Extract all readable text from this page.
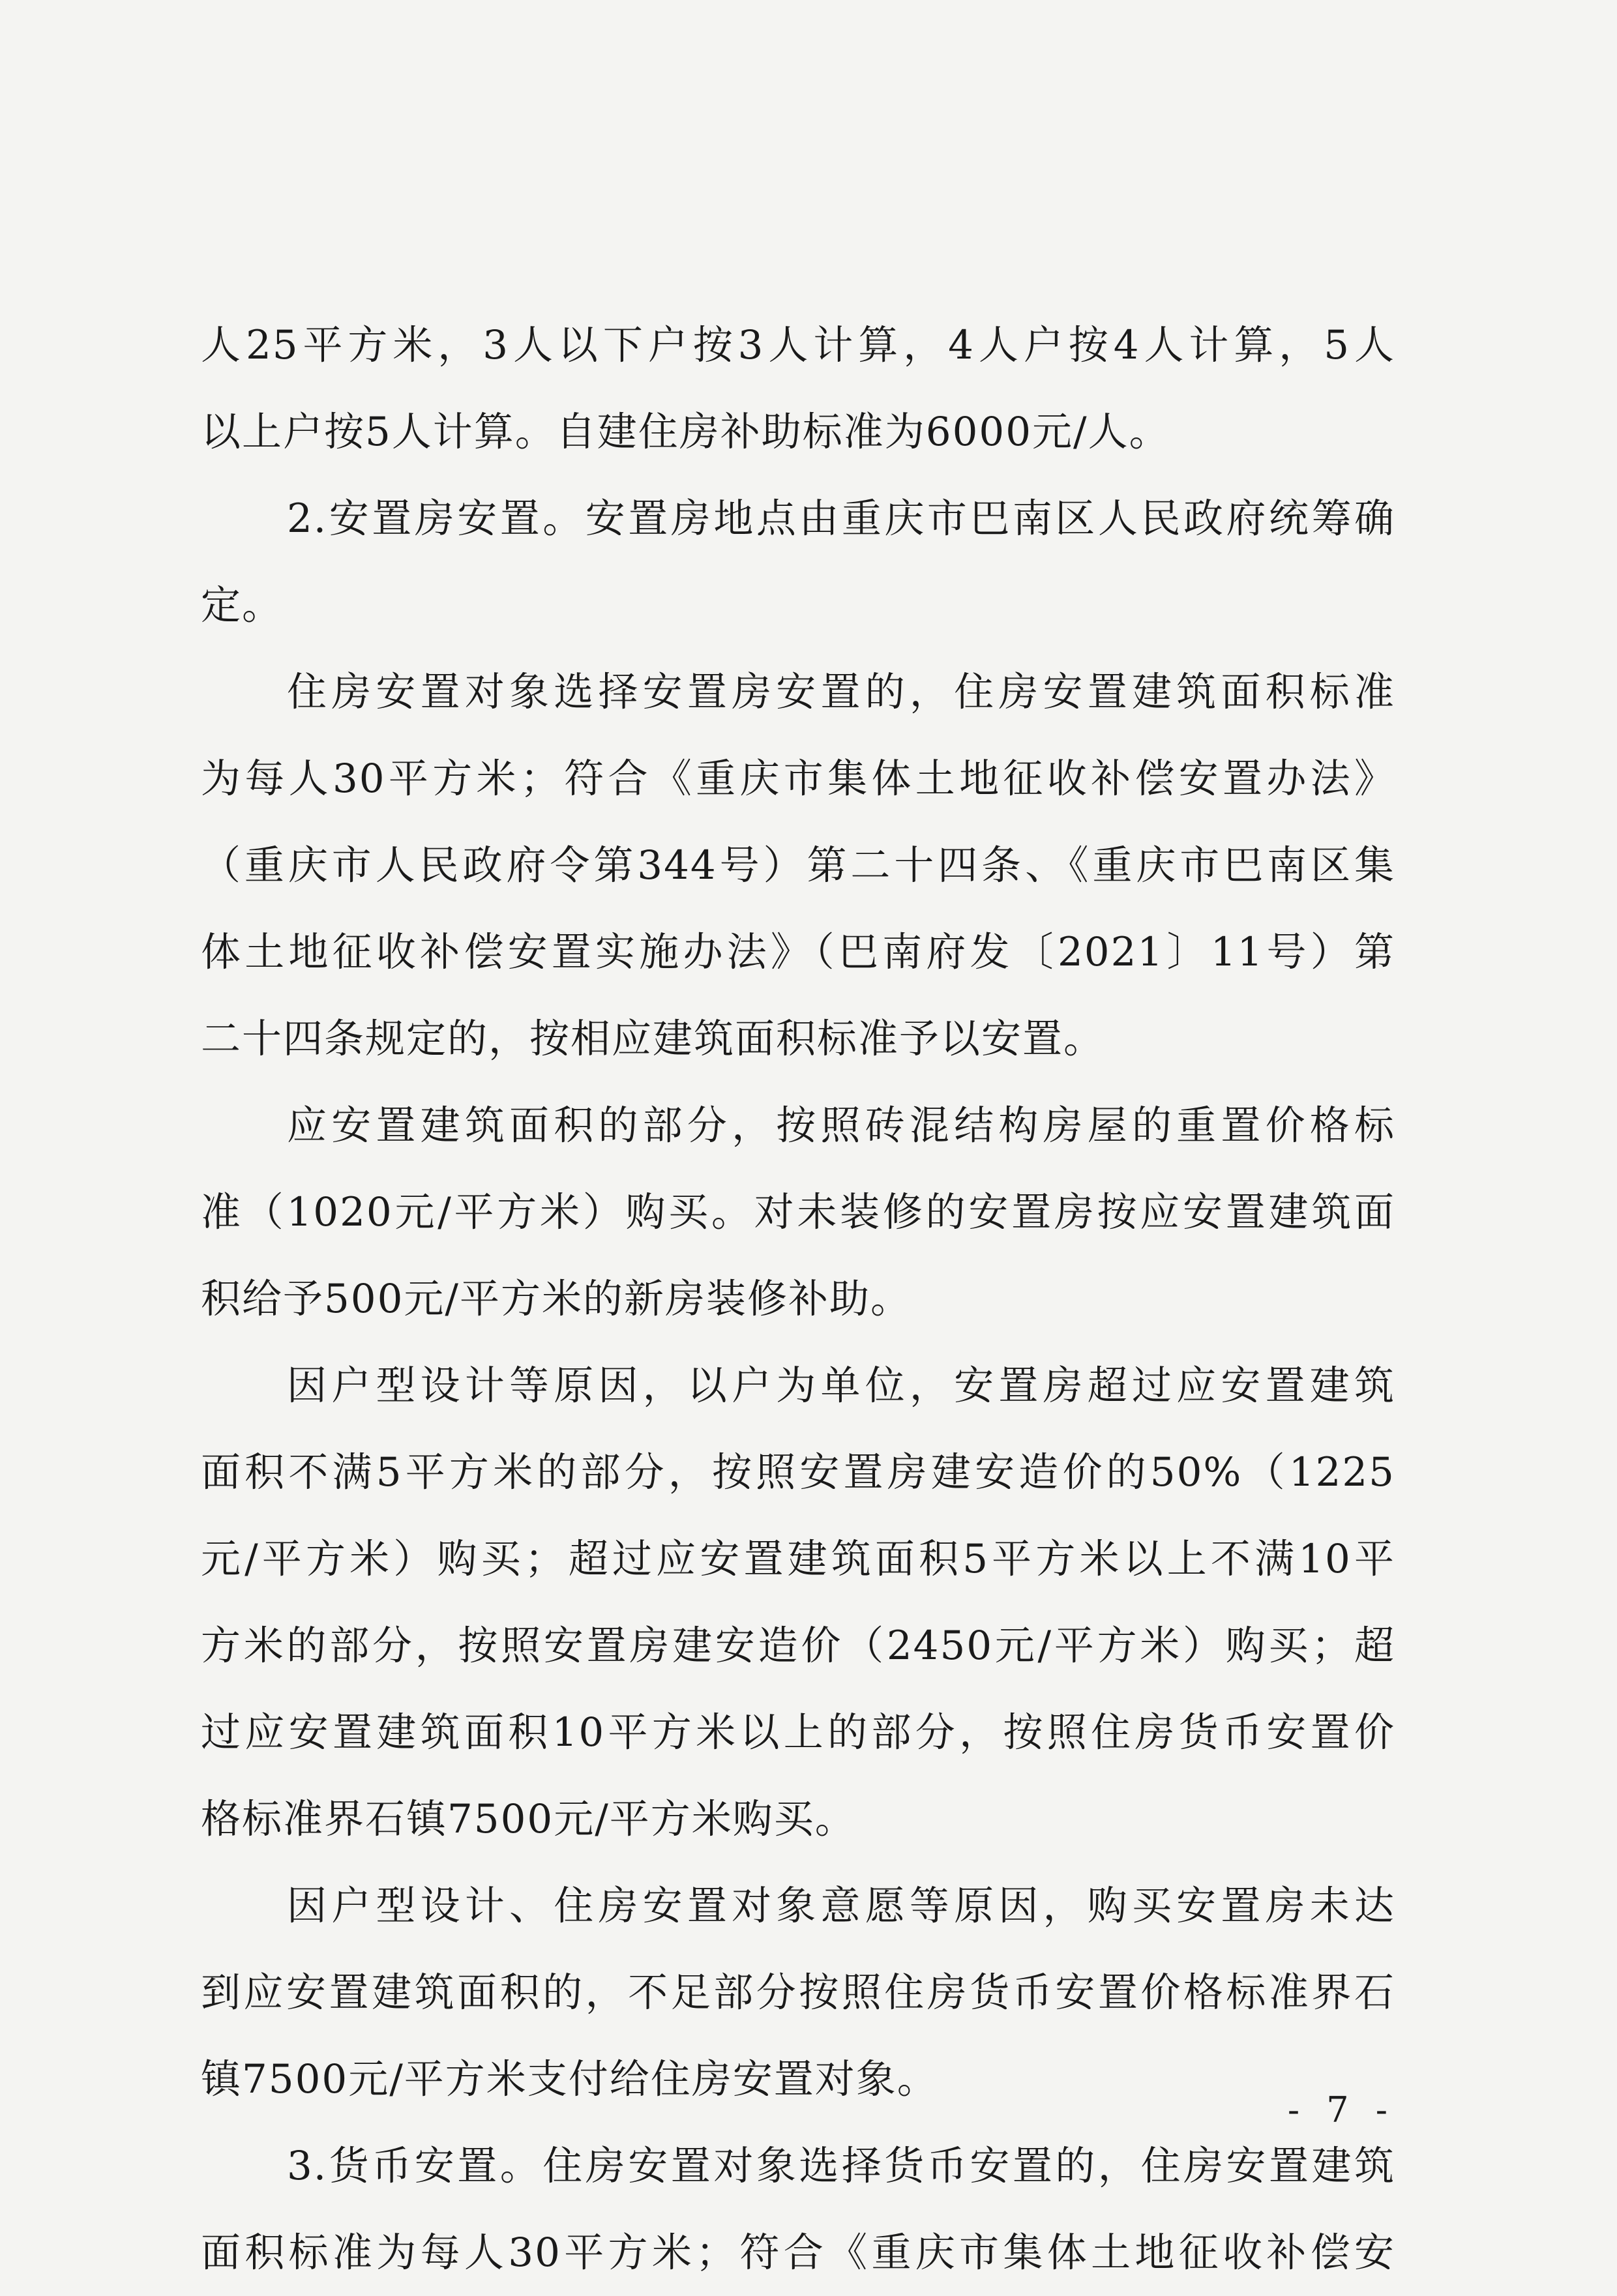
人25平方米，3人以下户按3人计算，4人户按4人计算，5人
以上户按5人计算。自建住房补助标准为6000元/人。
2.安置房安置。安置房地点由重庆市巴南区人民政府统筹确
定。
住房安置对象选择安置房安置的，住房安置建筑面积标准
为每人30平方米；符合《重庆市集体土地征收补偿安置办法》
（重庆市人民政府令第344号）第二十四条、《重庆市巴南区集
体土地征收补偿安置实施办法》（巴南府发〔2021〕11号）第
二十四条规定的，按相应建筑面积标准予以安置。
应安置建筑面积的部分，按照砖混结构房屋的重置价格标
准（1020元/平方米）购买。对未装修的安置房按应安置建筑面
积给予500元/平方米的新房装修补助。
因户型设计等原因，以户为单位，安置房超过应安置建筑
面积不满5平方米的部分，按照安置房建安造价的50%（1225
元/平方米）购买；超过应安置建筑面积5平方米以上不满10平
方米的部分，按照安置房建安造价（2450元/平方米）购买；超
过应安置建筑面积10平方米以上的部分，按照住房货币安置价
格标准界石镇7500元/平方米购买。
因户型设计、住房安置对象意愿等原因，购买安置房未达
到应安置建筑面积的，不足部分按照住房货币安置价格标准界石
镇7500元/平方米支付给住房安置对象。
3.货币安置。住房安置对象选择货币安置的，住房安置建筑
面积标准为每人30平方米；符合《重庆市集体土地征收补偿安
- 7 -
